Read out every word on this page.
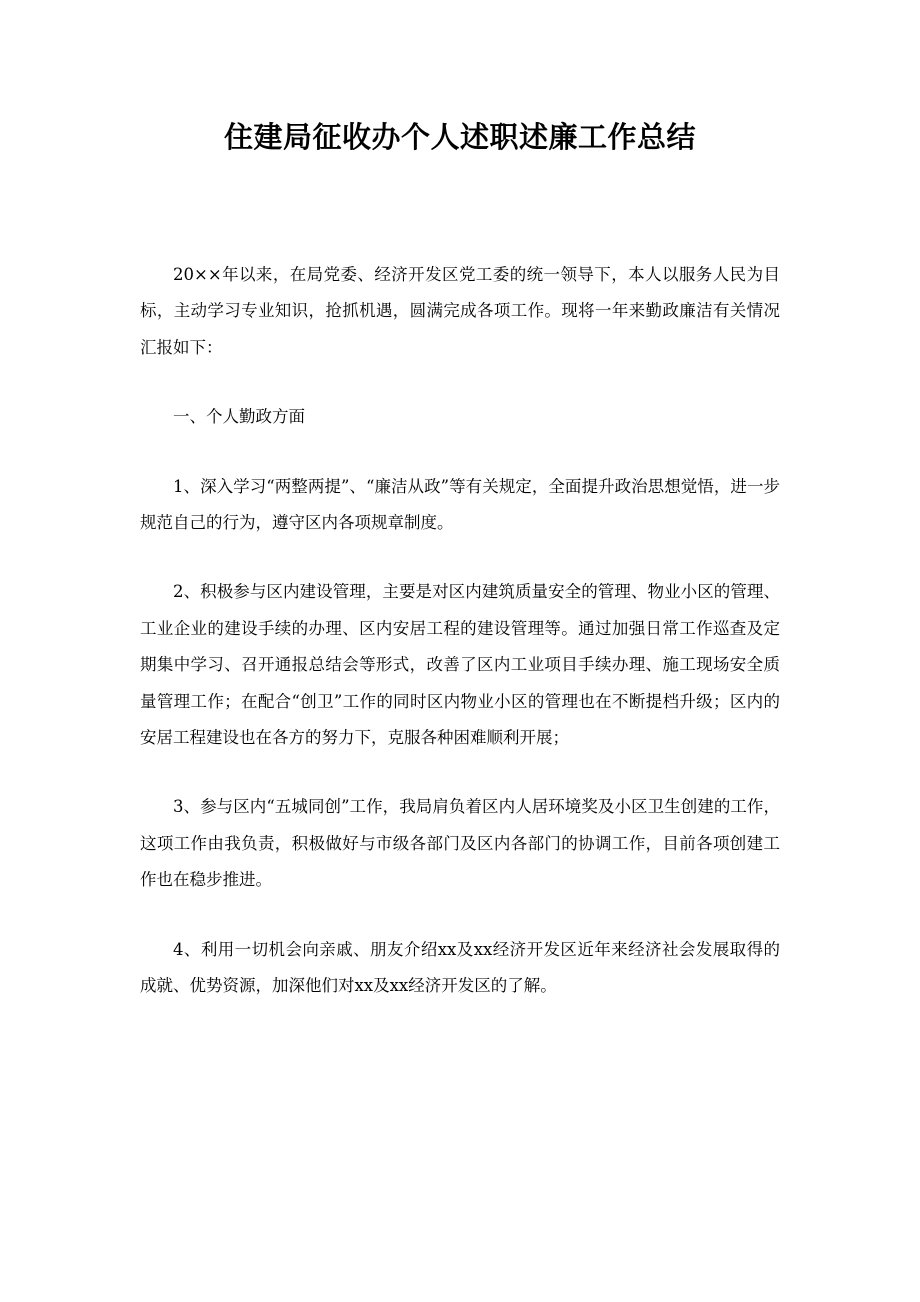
住建局征收办个人述职述廉工作总结

20××年以来，在局党委、经济开发区党工委的统一领导下，本人以服务人民为目标，主动学习专业知识，抢抓机遇，圆满完成各项工作。现将一年来勤政廉洁有关情况汇报如下：

一、个人勤政方面

1、深入学习“两整两提”、“廉洁从政”等有关规定，全面提升政治思想觉悟，进一步规范自己的行为，遵守区内各项规章制度。

2、积极参与区内建设管理，主要是对区内建筑质量安全的管理、物业小区的管理、工业企业的建设手续的办理、区内安居工程的建设管理等。通过加强日常工作巡查及定期集中学习、召开通报总结会等形式，改善了区内工业项目手续办理、施工现场安全质量管理工作；在配合“创卫”工作的同时区内物业小区的管理也在不断提档升级；区内的安居工程建设也在各方的努力下，克服各种困难顺利开展；

3、参与区内“五城同创”工作，我局肩负着区内人居环境奖及小区卫生创建的工作，这项工作由我负责，积极做好与市级各部门及区内各部门的协调工作，目前各项创建工作也在稳步推进。

4、利用一切机会向亲戚、朋友介绍xx及xx经济开发区近年来经济社会发展取得的成就、优势资源，加深他们对xx及xx经济开发区的了解。
